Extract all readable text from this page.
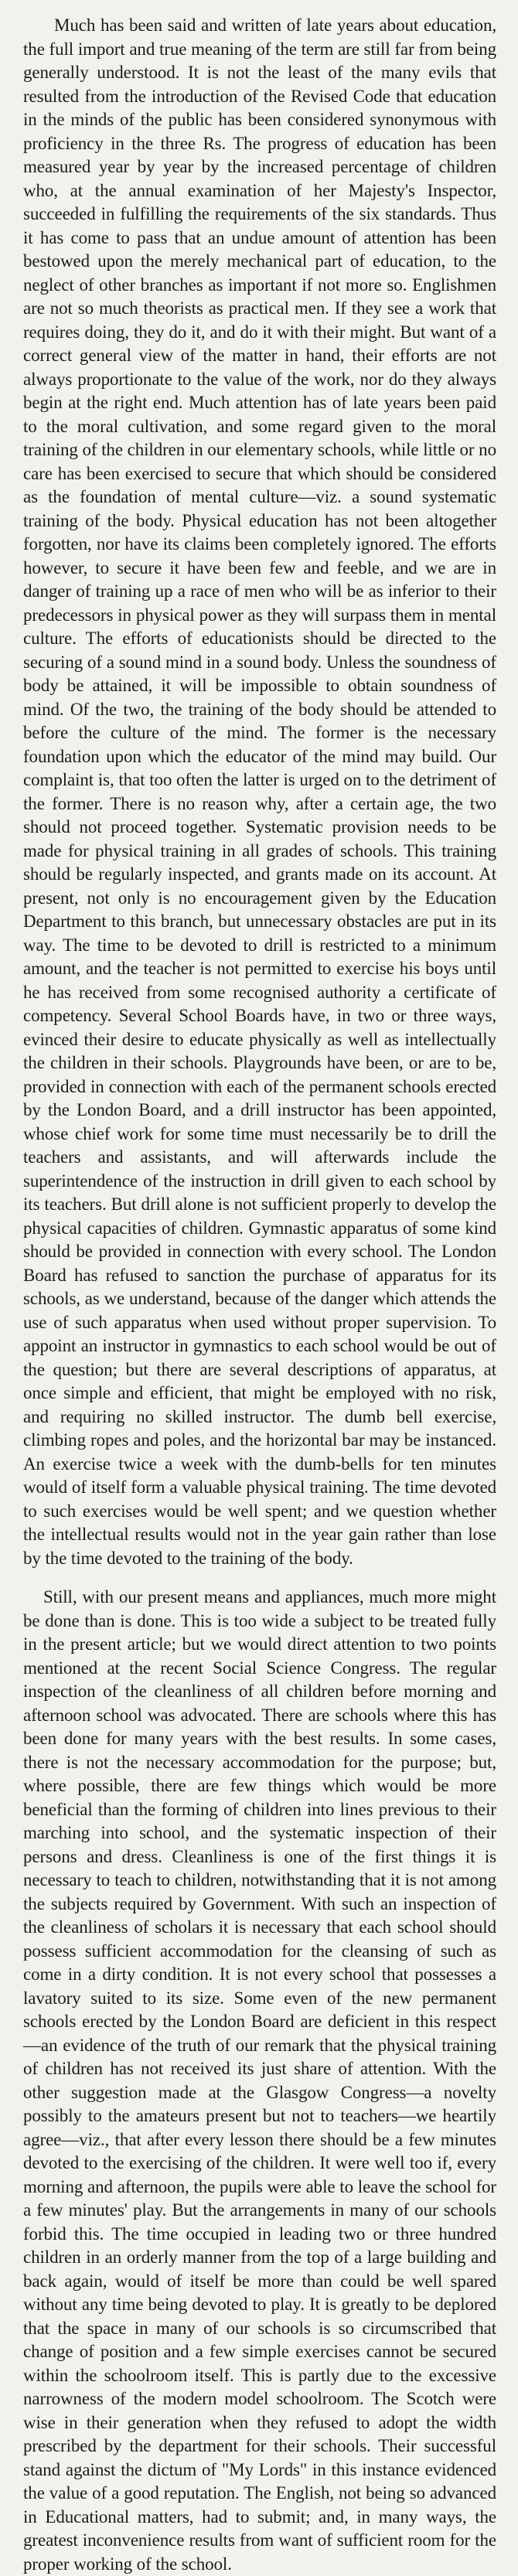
Much has been said and written of late years about education, the full import and true meaning of the term are still far from being generally understood. It is not the least of the many evils that resulted from the introduction of the Revised Code that education in the minds of the public has been considered synonymous with proficiency in the three Rs. The progress of education has been measured year by year by the increased percentage of children who, at the annual examination of her Majesty's Inspector, succeeded in fulfilling the requirements of the six standards. Thus it has come to pass that an undue amount of attention has been bestowed upon the merely mechanical part of education, to the neglect of other branches as important if not more so. Englishmen are not so much theorists as practical men. If they see a work that requires doing, they do it, and do it with their might. But want of a correct general view of the matter in hand, their efforts are not always proportionate to the value of the work, nor do they always begin at the right end. Much attention has of late years been paid to the moral cultivation, and some regard given to the moral training of the children in our elementary schools, while little or no care has been exercised to secure that which should be considered as the foundation of mental culture—viz. a sound systematic training of the body. Physical education has not been altogether forgotten, nor have its claims been completely ignored. The efforts however, to secure it have been few and feeble, and we are in danger of training up a race of men who will be as inferior to their predecessors in physical power as they will surpass them in mental culture. The efforts of educationists should be directed to the securing of a sound mind in a sound body. Unless the soundness of body be attained, it will be impossible to obtain soundness of mind. Of the two, the training of the body should be attended to before the culture of the mind. The former is the necessary foundation upon which the educator of the mind may build. Our complaint is, that too often the latter is urged on to the detriment of the former. There is no reason why, after a certain age, the two should not proceed together. Systematic provision needs to be made for physical training in all grades of schools. This training should be regularly inspected, and grants made on its account. At present, not only is no encouragement given by the Education Department to this branch, but unnecessary obstacles are put in its way. The time to be devoted to drill is restricted to a minimum amount, and the teacher is not permitted to exercise his boys until he has received from some recognised authority a certificate of competency. Several School Boards have, in two or three ways, evinced their desire to educate physically as well as intellectually the children in their schools. Playgrounds have been, or are to be, provided in connection with each of the permanent schools erected by the London Board, and a drill instructor has been appointed, whose chief work for some time must necessarily be to drill the teachers and assistants, and will afterwards include the superintendence of the instruction in drill given to each school by its teachers. But drill alone is not sufficient properly to develop the physical capacities of children. Gymnastic apparatus of some kind should be provided in connection with every school. The London Board has refused to sanction the purchase of apparatus for its schools, as we understand, because of the danger which attends the use of such apparatus when used without proper supervision. To appoint an instructor in gymnastics to each school would be out of the question; but there are several descriptions of apparatus, at once simple and efficient, that might be employed with no risk, and requiring no skilled instructor. The dumb bell exercise, climbing ropes and poles, and the horizontal bar may be instanced. An exercise twice a week with the dumb-bells for ten minutes would of itself form a valuable physical training. The time devoted to such exercises would be well spent; and we question whether the intellectual results would not in the year gain rather than lose by the time devoted to the training of the body.

Still, with our present means and appliances, much more might be done than is done. This is too wide a subject to be treated fully in the present article; but we would direct attention to two points mentioned at the recent Social Science Congress. The regular inspection of the cleanliness of all children before morning and afternoon school was advocated. There are schools where this has been done for many years with the best results. In some cases, there is not the necessary accommodation for the purpose; but, where possible, there are few things which would be more beneficial than the forming of children into lines previous to their marching into school, and the systematic inspection of their persons and dress. Cleanliness is one of the first things it is necessary to teach to children, notwithstanding that it is not among the subjects required by Government. With such an inspection of the cleanliness of scholars it is necessary that each school should possess sufficient accommodation for the cleansing of such as come in a dirty condition. It is not every school that possesses a lavatory suited to its size. Some even of the new permanent schools erected by the London Board are deficient in this respect—an evidence of the truth of our remark that the physical training of children has not received its just share of attention. With the other suggestion made at the Glasgow Congress—a novelty possibly to the amateurs present but not to teachers—we heartily agree—viz., that after every lesson there should be a few minutes devoted to the exercising of the children. It were well too if, every morning and afternoon, the pupils were able to leave the school for a few minutes' play. But the arrangements in many of our schools forbid this. The time occupied in leading two or three hundred children in an orderly manner from the top of a large building and back again, would of itself be more than could be well spared without any time being devoted to play. It is greatly to be deplored that the space in many of our schools is so circumscribed that change of position and a few simple exercises cannot be secured within the schoolroom itself. This is partly due to the excessive narrowness of the modern model schoolroom. The Scotch were wise in their generation when they refused to adopt the width prescribed by the department for their schools. Their successful stand against the dictum of "My Lords" in this instance evidenced the value of a good reputation. The English, not being so advanced in Educational matters, had to submit; and, in many ways, the greatest inconvenience results from want of sufficient room for the proper working of the school.
